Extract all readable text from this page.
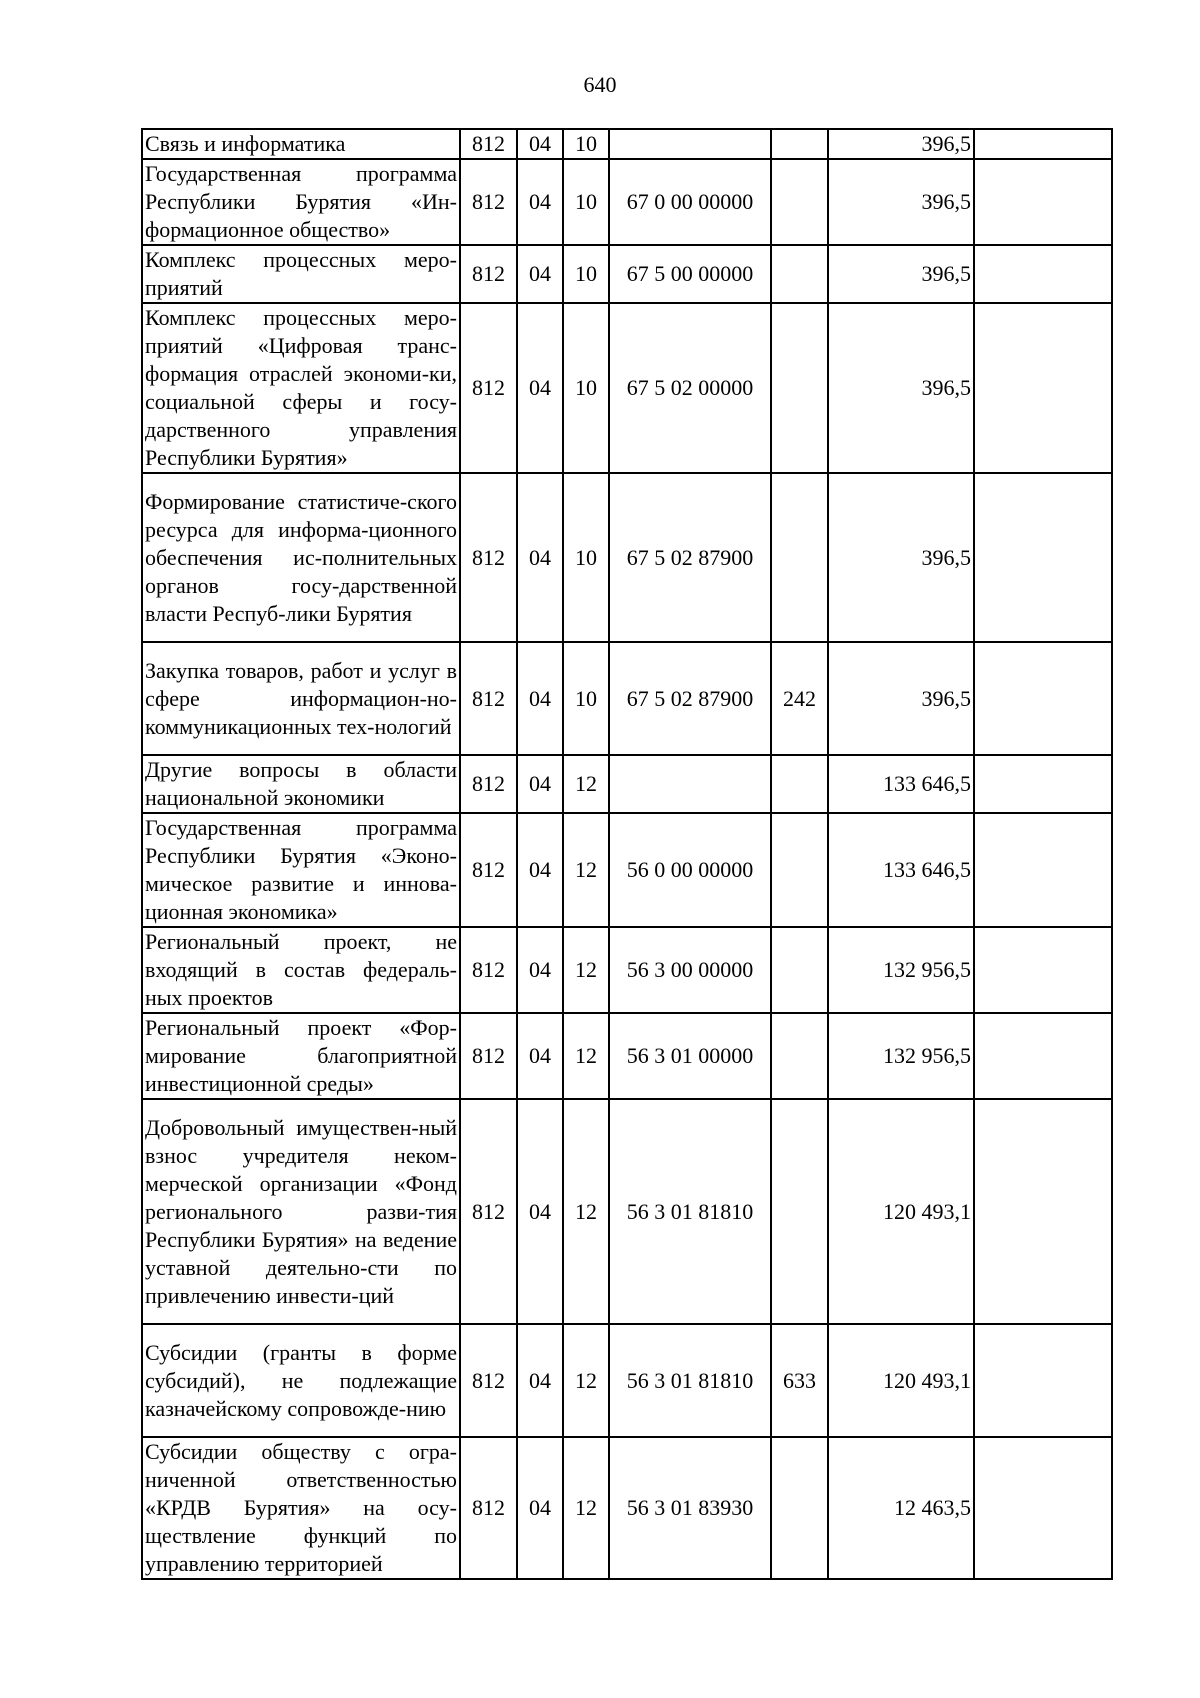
640
Связь и информатика	812	04	10			396,5	
Государственная программа Республики Бурятия «Ин-формационное общество»	812	04	10	67 0 00 00000		396,5	
Комплекс процессных меро-приятий	812	04	10	67 5 00 00000		396,5	
Комплекс процессных меро-приятий «Цифровая транс-формация отраслей экономи-ки, социальной сферы и госу-дарственного управления Республики Бурятия»	812	04	10	67 5 02 00000		396,5	
Формирование статистиче-ского ресурса для информа-ционного обеспечения ис-полнительных органов госу-дарственной власти Респуб-лики Бурятия	812	04	10	67 5 02 87900		396,5	
Закупка товаров, работ и услуг в сфере информацион-но-коммуникационных тех-нологий	812	04	10	67 5 02 87900	242	396,5	
Другие вопросы в области национальной экономики	812	04	12			133 646,5	
Государственная программа Республики Бурятия «Эконо-мическое развитие и иннова-ционная экономика»	812	04	12	56 0 00 00000		133 646,5	
Региональный проект, не входящий в состав федераль-ных проектов	812	04	12	56 3 00 00000		132 956,5	
Региональный проект «Фор-мирование благоприятной инвестиционной среды»	812	04	12	56 3 01 00000		132 956,5	
Добровольный имуществен-ный взнос учредителя неком-мерческой организации «Фонд регионального разви-тия Республики Бурятия» на ведение уставной деятельно-сти по привлечению инвести-ций	812	04	12	56 3 01 81810		120 493,1	
Субсидии (гранты в форме субсидий), не подлежащие казначейскому сопровожде-нию	812	04	12	56 3 01 81810	633	120 493,1	
Субсидии обществу с огра-ниченной ответственностью «КРДВ Бурятия» на осу-ществление функций по управлению территорией	812	04	12	56 3 01 83930		12 463,5	
